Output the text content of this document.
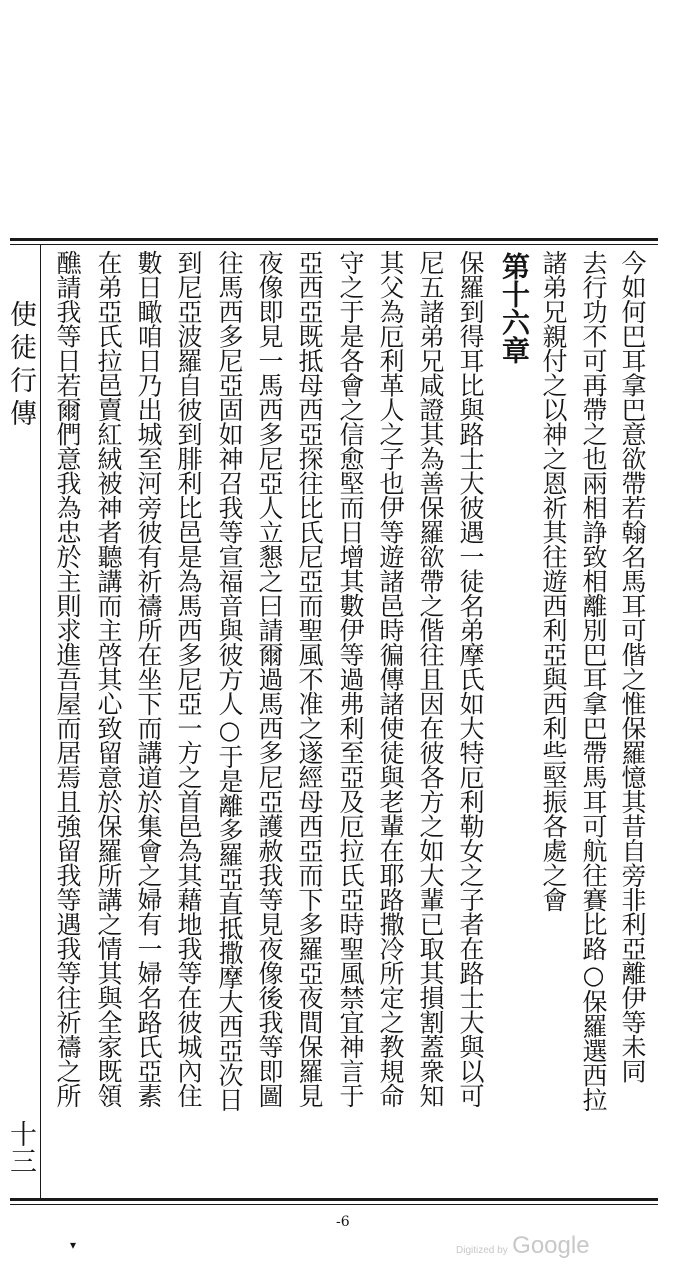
使徒行傳
十三
今如何巴耳拿巴意欲帶若翰名馬耳可偕之惟保羅憶其昔自旁非利亞離伊等未同
去行功不可再帶之也兩相諍致相離別巴耳拿巴帶馬耳可航往賽比路○保羅選西拉
諸弟兄親付之以神之恩祈其往遊西利亞與西利些堅振各處之會
第十六章
保羅到得耳比與路士大彼遇一徒名弟摩氏如大特厄利勒女之子者在路士大與以可
尼五諸弟兄咸證其為善保羅欲帶之偕往且因在彼各方之如大輩已取其損割蓋衆知
其父為厄利革人之子也伊等遊諸邑時徧傳諸使徒與老輩在耶路撒冷所定之教規命
守之于是各會之信愈堅而日增其數伊等過弗利至亞及厄拉氏亞時聖風禁宜神言于
亞西亞既抵母西亞探往比氏尼亞而聖風不准之遂經母西亞而下多羅亞夜間保羅見
夜像即見一馬西多尼亞人立懇之曰請爾過馬西多尼亞護赦我等見夜像後我等即圖
往馬西多尼亞固如神召我等宣福音與彼方人○于是離多羅亞直抵撒摩大西亞次日
到尼亞波羅自彼到腓利比邑是為馬西多尼亞一方之首邑為其藉地我等在彼城內住
數日瞰咱日乃出城至河旁彼有祈禱所在坐下而講道於集會之婦有一婦名路氏亞素
在弟亞氏拉邑賣紅絨被神者聽講而主啓其心致留意於保羅所講之情其與全家既領
醮請我等日若爾們意我為忠於主則求進吾屋而居焉且強留我等遇我等往祈禱之所
-6
▾	Digitized by Google
